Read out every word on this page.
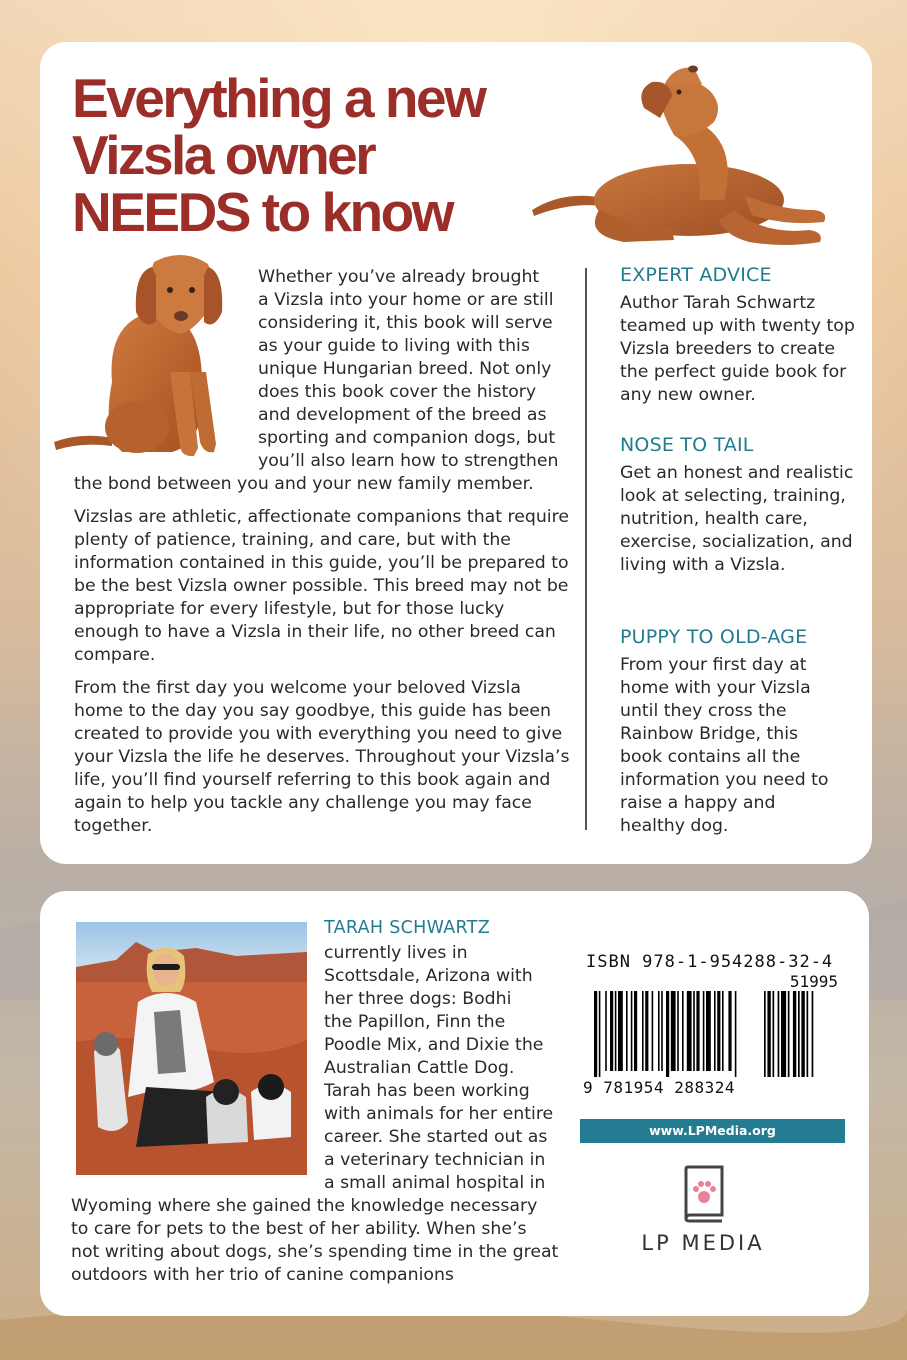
Everything a new
Vizsla owner
NEEDS to know
Whether you’ve already brought
a Vizsla into your home or are still
considering it, this book will serve
as your guide to living with this
unique Hungarian breed. Not only
does this book cover the history
and development of the breed as
sporting and companion dogs, but
you’ll also learn how to strengthen
the bond between you and your new family member.
Vizslas are athletic, affectionate companions that require plenty of patience, training, and care, but with the information contained in this guide, you’ll be prepared to be the best Vizsla owner possible. This breed may not be appropriate for every lifestyle, but for those lucky enough to have a Vizsla in their life, no other breed can compare.
From the first day you welcome your beloved Vizsla home to the day you say goodbye, this guide has been created to provide you with everything you need to give your Vizsla the life he deserves. Throughout your Vizsla’s life, you’ll find yourself referring to this book again and again to help you tackle any challenge you may face together.
EXPERT ADVICE
Author Tarah Schwartz teamed up with twenty top Vizsla breeders to create the perfect guide book for any new owner.
NOSE TO TAIL
Get an honest and realistic look at selecting, training, nutrition, health care, exercise, socialization, and living with a Vizsla.
PUPPY TO OLD-AGE
From your first day at home with your Vizsla until they cross the Rainbow Bridge, this book contains all the information you need to raise a happy and healthy dog.
TARAH SCHWARTZ
currently lives in
Scottsdale, Arizona with
her three dogs: Bodhi
the Papillon, Finn the
Poodle Mix, and Dixie the
Australian Cattle Dog.
Tarah has been working
with animals for her entire
career. She started out as
a veterinary technician in
a small animal hospital in
Wyoming where she gained the knowledge necessary
to care for pets to the best of her ability. When she’s
not writing about dogs, she’s spending time in the great
outdoors with her trio of canine companions
ISBN 978-1-954288-32-4
51995
9 781954 288324
www.LPMedia.org
LP MEDIA
